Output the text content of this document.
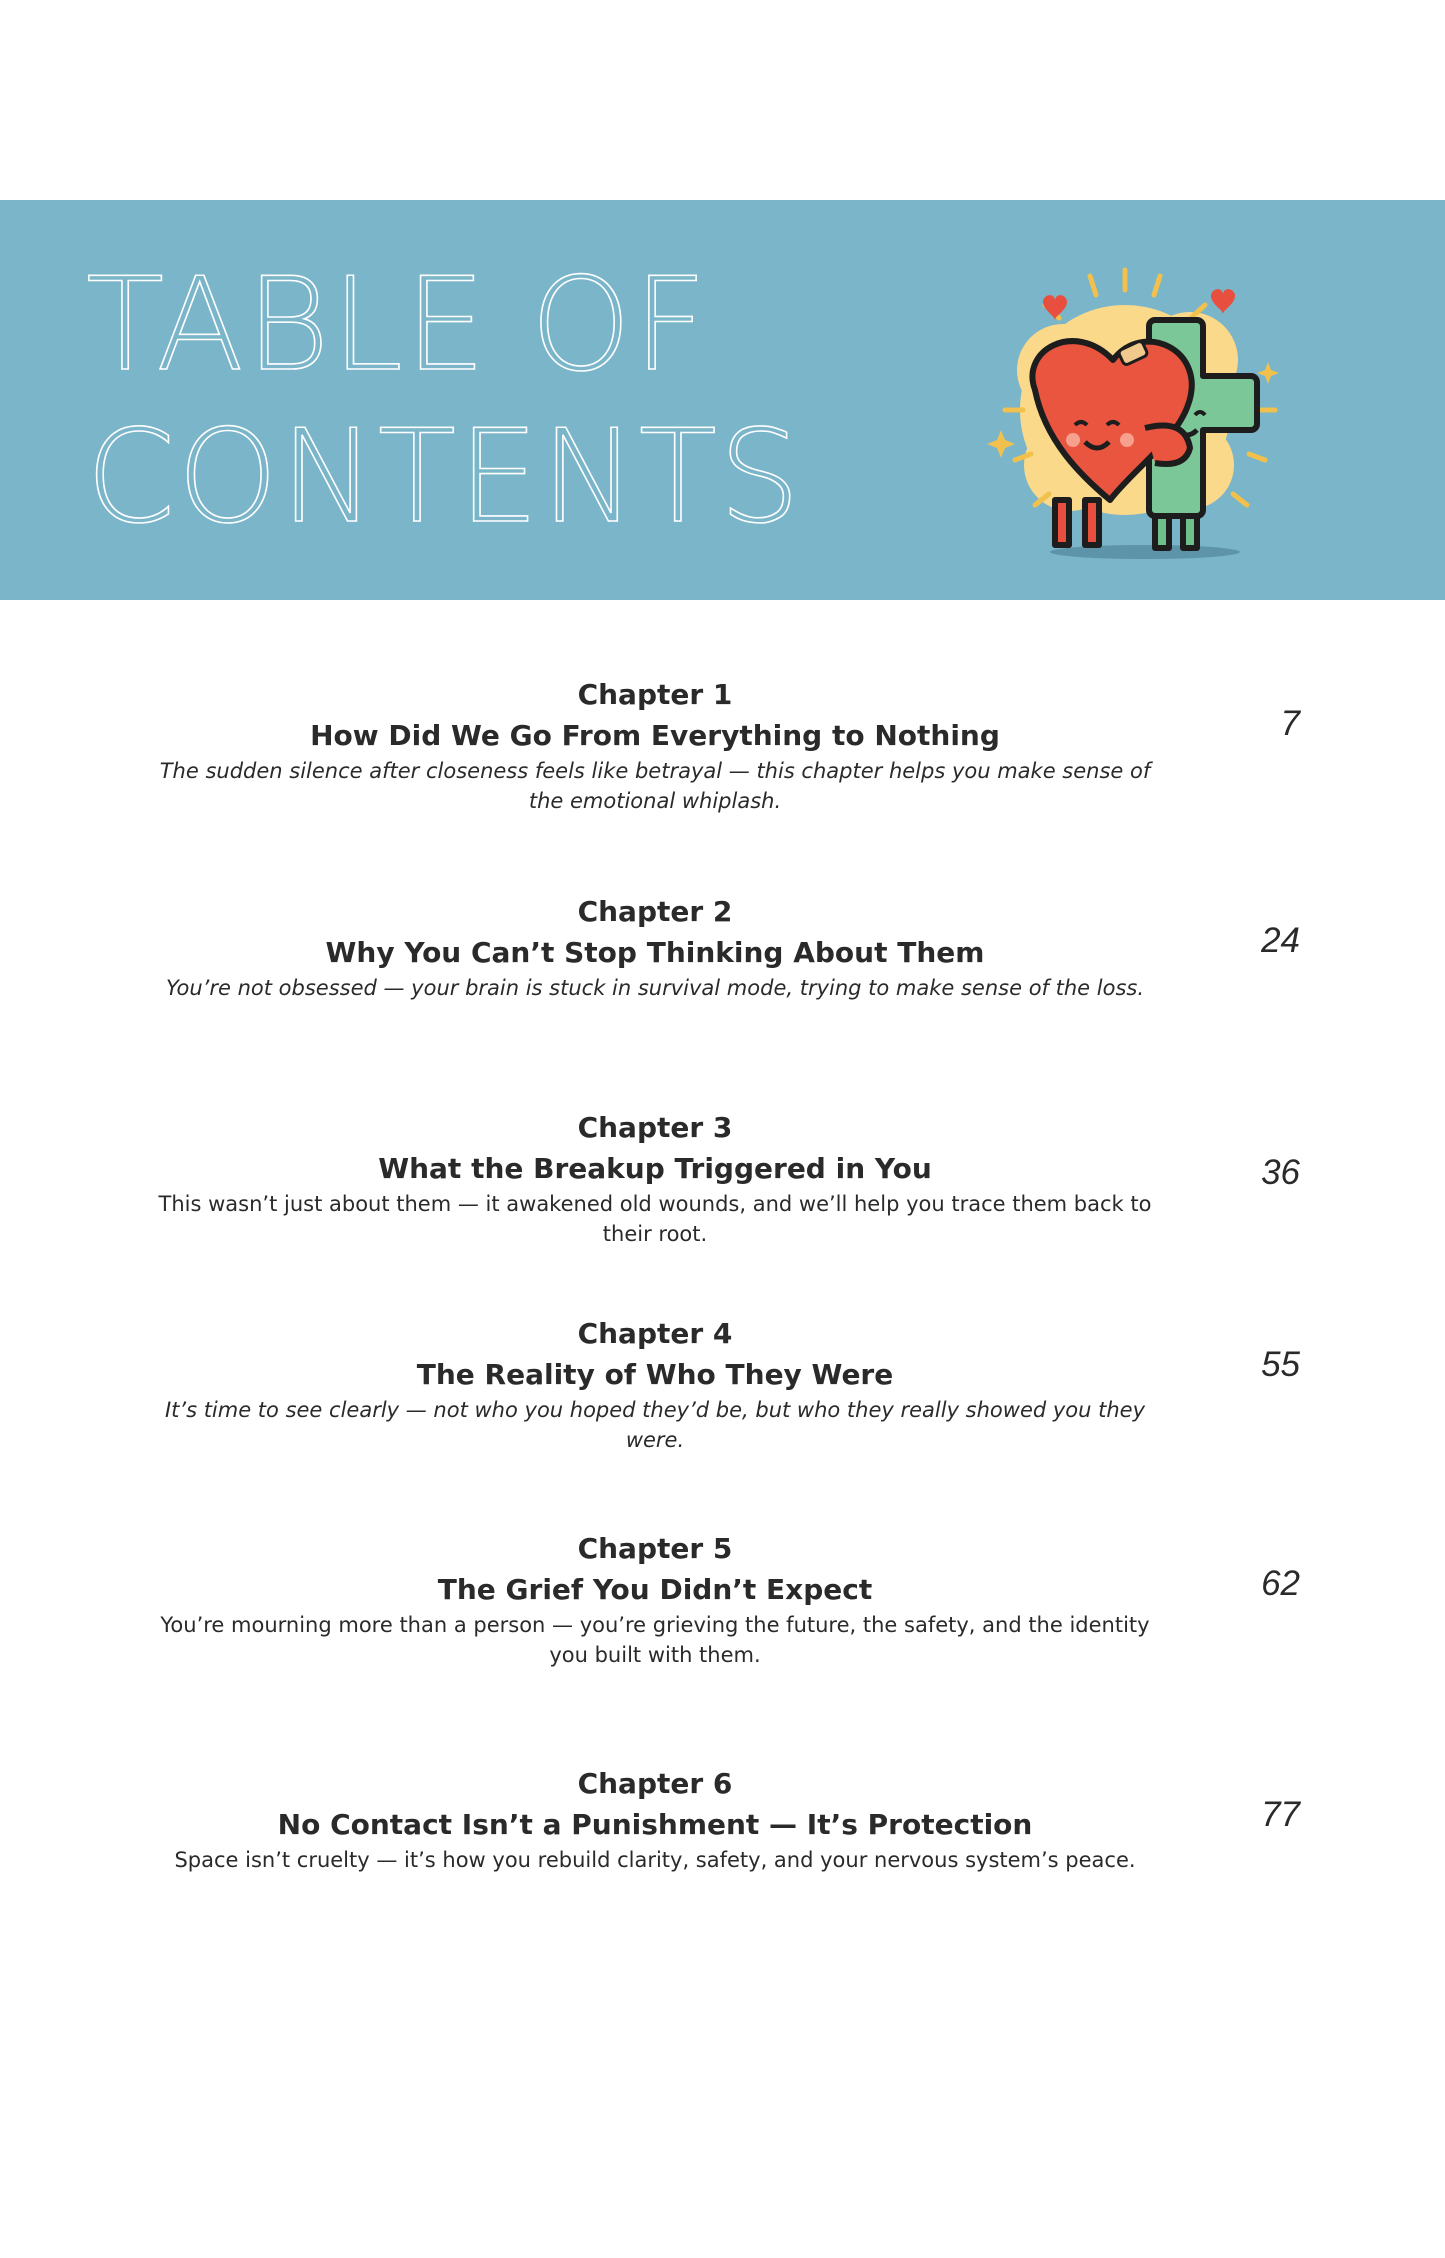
TABLE OF
CONTENTS

Chapter 1

How Did We Go From Everything to Nothing

The sudden silence after closeness feels like betrayal — this chapter helps you make sense of the emotional whiplash.

7

Chapter 2

Why You Can’t Stop Thinking About Them

You’re not obsessed — your brain is stuck in survival mode, trying to make sense of the loss.

24

Chapter 3

What the Breakup Triggered in You

This wasn’t just about them — it awakened old wounds, and we’ll help you trace them back to their root.

36

Chapter 4

The Reality of Who They Were

It’s time to see clearly — not who you hoped they’d be, but who they really showed you they were.

55

Chapter 5

The Grief You Didn’t Expect

You’re mourning more than a person — you’re grieving the future, the safety, and the identity you built with them.

62

Chapter 6

No Contact Isn’t a Punishment — It’s Protection

Space isn’t cruelty — it’s how you rebuild clarity, safety, and your nervous system’s peace.

77
